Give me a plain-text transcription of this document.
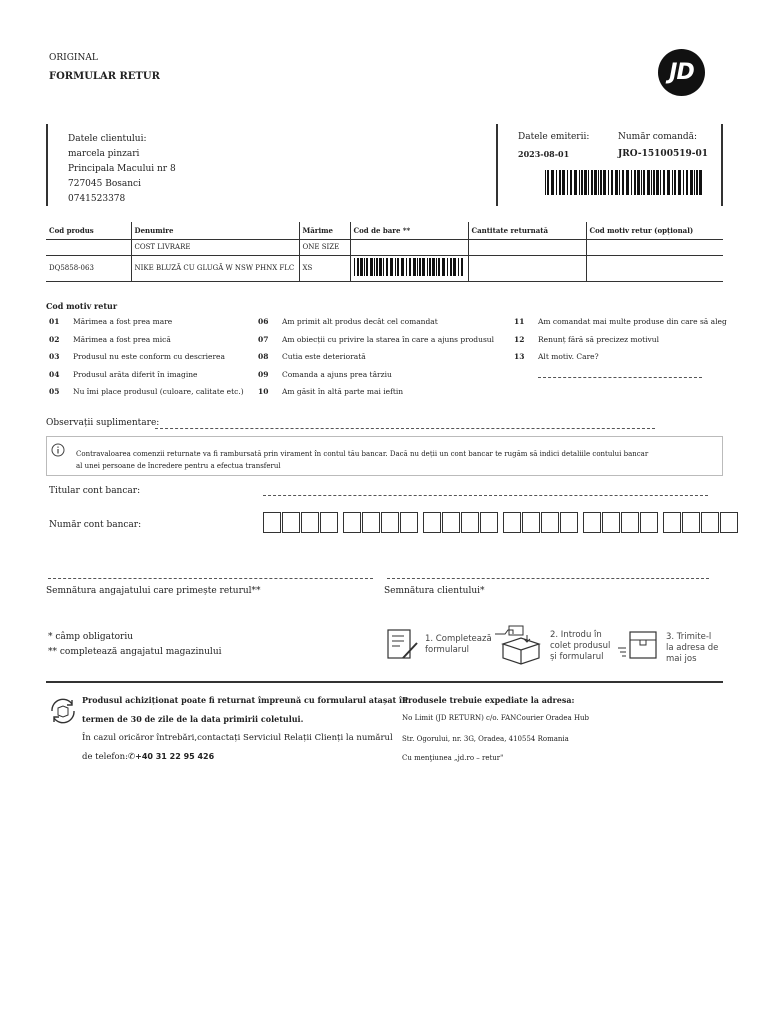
ORIGINAL
FORMULAR RETUR	JD
Datele clientului:
marcela pinzari
Principala Macului nr 8
727045 Bosanci
0741523378
Datele emiterii:
2023-08-01
Număr comandă:
JRO-15100519-01
Cod produs	Denumire	Mărime	Cod de bare **	Cantitate returnată	Cod motiv retur (opțional)
	COST LIVRARE	ONE SIZE			
DQ5858-063	NIKE BLUZĂ CU GLUGĂ W NSW PHNX FLC	XS			
Cod motiv retur
01 Mărimea a fost prea mare
02 Mărimea a fost prea mică
03 Produsul nu este conform cu descrierea
04 Produsul arăta diferit în imagine
05 Nu îmi place produsul (culoare, calitate etc.)
06 Am primit alt produs decât cel comandat
07 Am obiecții cu privire la starea în care a ajuns produsul
08 Cutia este deteriorată
09 Comanda a ajuns prea târziu
10 Am găsit în altă parte mai ieftin
11 Am comandat mai multe produse din care să aleg
12 Renunț fără să precizez motivul
13 Alt motiv. Care?
Observații suplimentare:
Contravaloarea comenzii returnate va fi rambursată prin virament în contul tău bancar. Dacă nu deții un cont bancar te rugăm să indici detaliile contului bancar
al unei persoane de încredere pentru a efectua transferul
Titular cont bancar:
Număr cont bancar:
Semnătura angajatului care primește returul**	Semnătura clientului*
* câmp obligatoriu
** completează angajatul magazinului
1. Completează
formularul
2. Introdu în
colet produsul
și formularul
3. Trimite-l
la adresa de
mai jos
Produsul achiziționat poate fi returnat împreună cu formularul atașat în
termen de 30 de zile de la data primirii coletului.
În cazul oricăror întrebări,contactați Serviciul Relații Clienți la numărul
de telefon:✆+40 31 22 95 426
Produsele trebuie expediate la adresa:
No Limit (JD RETURN) c/o. FANCourier Oradea Hub
Str. Ogorului, nr. 3G, Oradea, 410554 Romania
Cu menţiunea „jd.ro – retur"
